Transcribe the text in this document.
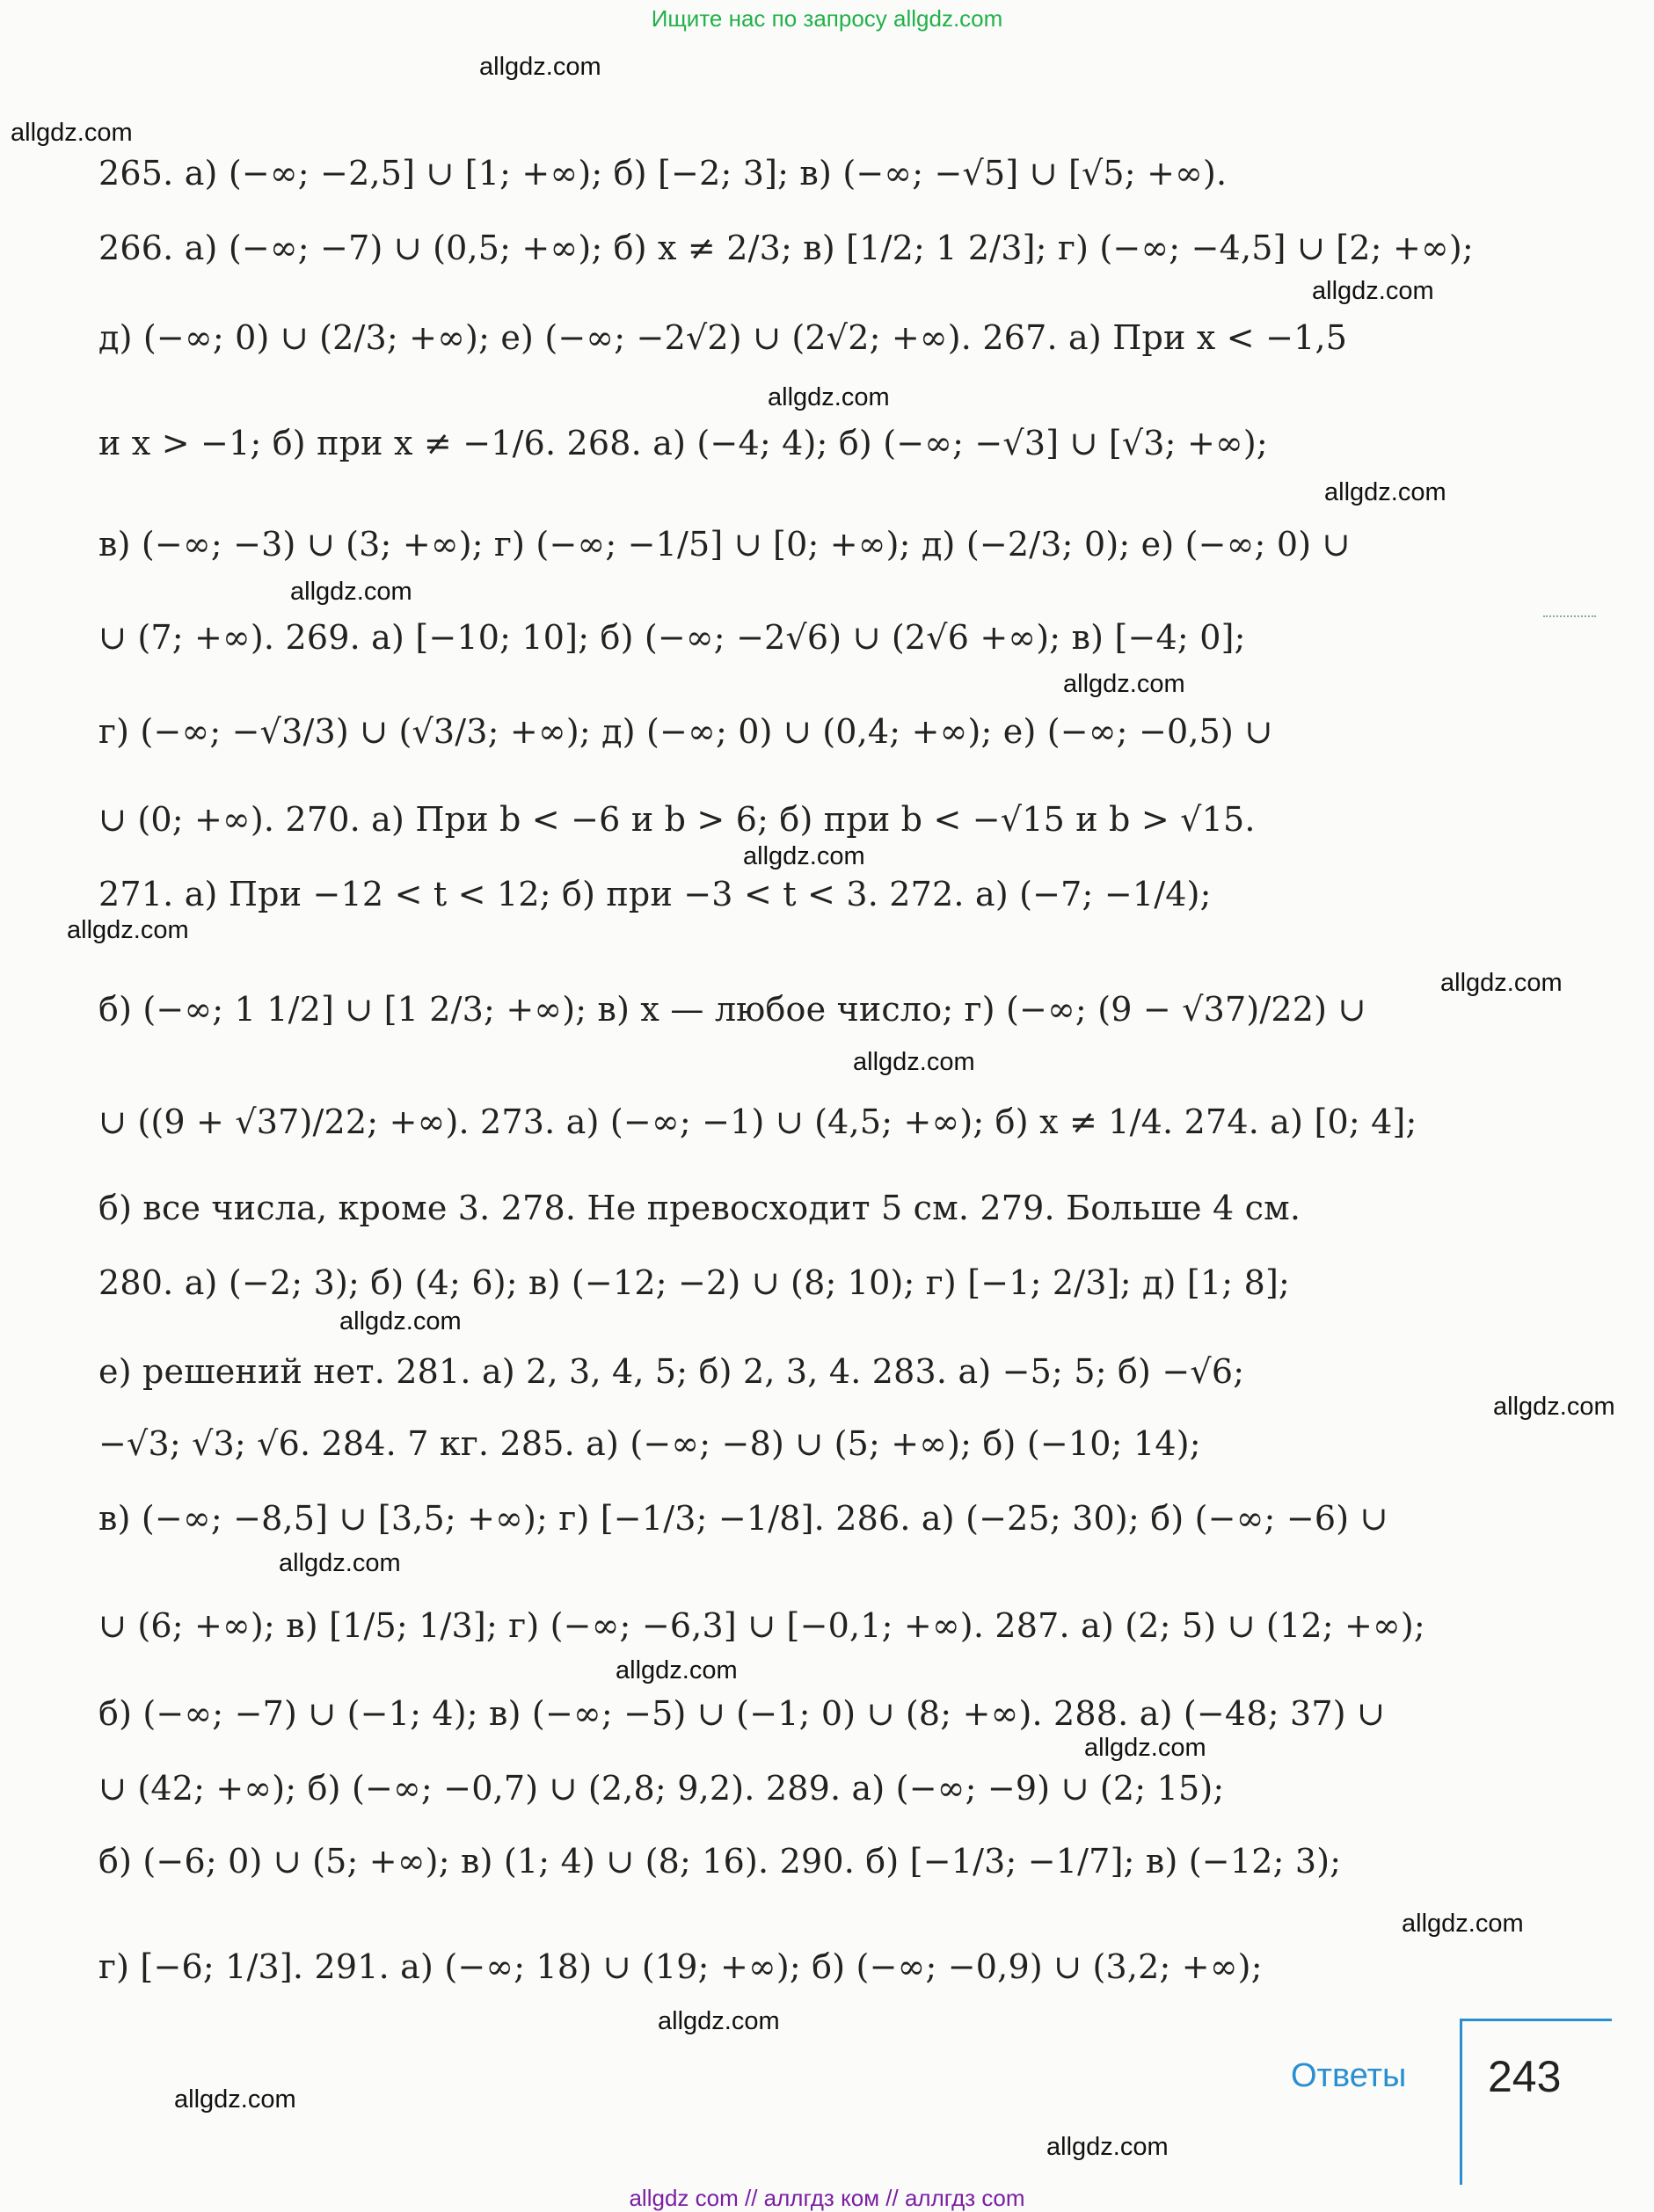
Ищите нас по запросу allgdz.com
allgdz.com
allgdz.com
allgdz.com
allgdz.com
allgdz.com
allgdz.com
allgdz.com
allgdz.com
allgdz.com
allgdz.com
allgdz.com
allgdz.com
allgdz.com
allgdz.com
allgdz.com
allgdz.com
allgdz.com
allgdz.com
allgdz.com
allgdz.com
265. а) (−∞; −2,5] ∪ [1; +∞); б) [−2; 3]; в) (−∞; −√5] ∪ [√5; +∞).
266. а) (−∞; −7) ∪ (0,5; +∞); б) x ≠ 2/3; в) [1/2; 1 2/3]; г) (−∞; −4,5] ∪ [2; +∞);
д) (−∞; 0) ∪ (2/3; +∞); е) (−∞; −2√2) ∪ (2√2; +∞). 267. а) При x < −1,5
и x > −1; б) при x ≠ −1/6. 268. а) (−4; 4); б) (−∞; −√3] ∪ [√3; +∞);
в) (−∞; −3) ∪ (3; +∞); г) (−∞; −1/5] ∪ [0; +∞); д) (−2/3; 0); е) (−∞; 0) ∪
∪ (7; +∞). 269. а) [−10; 10]; б) (−∞; −2√6) ∪ (2√6 +∞); в) [−4; 0];
г) (−∞; −√3/3) ∪ (√3/3; +∞); д) (−∞; 0) ∪ (0,4; +∞); е) (−∞; −0,5) ∪
∪ (0; +∞). 270. а) При b < −6 и b > 6; б) при b < −√15 и b > √15.
271. а) При −12 < t < 12; б) при −3 < t < 3. 272. а) (−7; −1/4);
б) (−∞; 1 1/2] ∪ [1 2/3; +∞); в) x — любое число; г) (−∞; (9 − √37)/22) ∪
∪ ((9 + √37)/22; +∞). 273. а) (−∞; −1) ∪ (4,5; +∞); б) x ≠ 1/4. 274. а) [0; 4];
б) все числа, кроме 3. 278. Не превосходит 5 см. 279. Больше 4 см.
280. а) (−2; 3); б) (4; 6); в) (−12; −2) ∪ (8; 10); г) [−1; 2/3]; д) [1; 8];
е) решений нет. 281. а) 2, 3, 4, 5; б) 2, 3, 4. 283. а) −5; 5; б) −√6;
−√3; √3; √6. 284. 7 кг. 285. а) (−∞; −8) ∪ (5; +∞); б) (−10; 14);
в) (−∞; −8,5] ∪ [3,5; +∞); г) [−1/3; −1/8]. 286. а) (−25; 30); б) (−∞; −6) ∪
∪ (6; +∞); в) [1/5; 1/3]; г) (−∞; −6,3] ∪ [−0,1; +∞). 287. а) (2; 5) ∪ (12; +∞);
б) (−∞; −7) ∪ (−1; 4); в) (−∞; −5) ∪ (−1; 0) ∪ (8; +∞). 288. а) (−48; 37) ∪
∪ (42; +∞); б) (−∞; −0,7) ∪ (2,8; 9,2). 289. а) (−∞; −9) ∪ (2; 15);
б) (−6; 0) ∪ (5; +∞); в) (1; 4) ∪ (8; 16). 290. б) [−1/3; −1/7]; в) (−12; 3);
г) [−6; 1/3]. 291. а) (−∞; 18) ∪ (19; +∞); б) (−∞; −0,9) ∪ (3,2; +∞);
Ответы 243
allgdz com // аллгдз ком // аллгдз com
